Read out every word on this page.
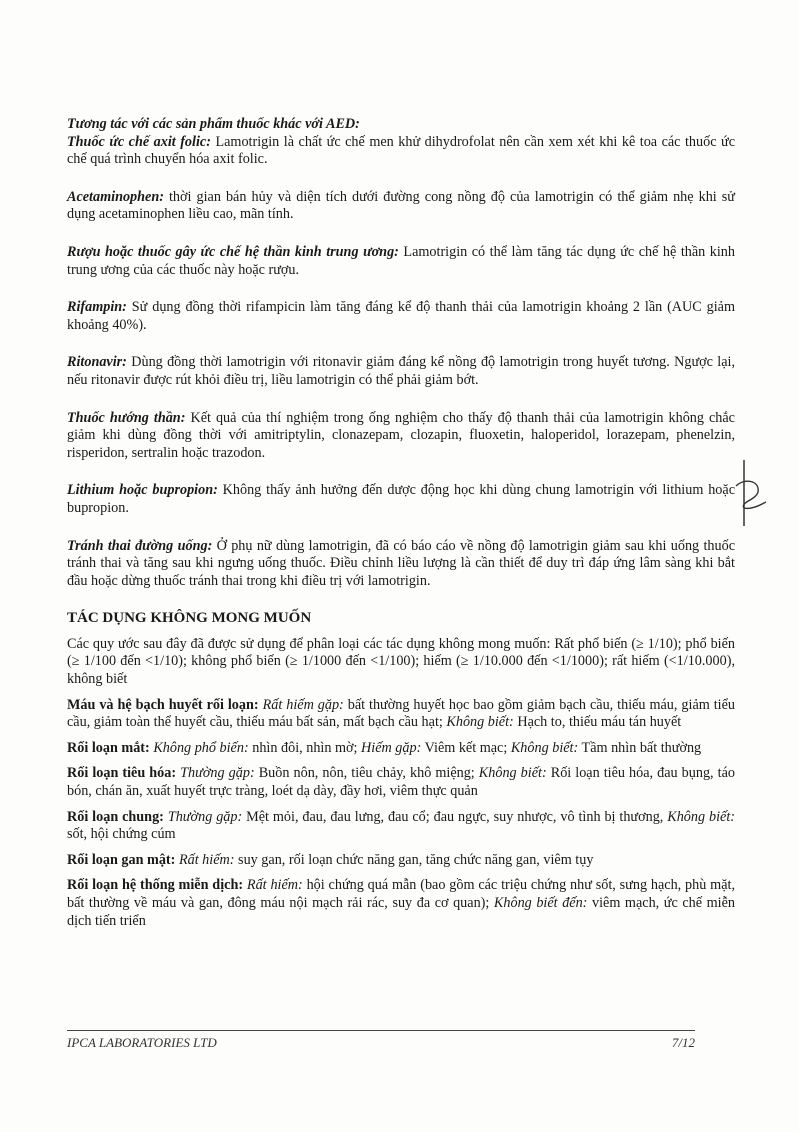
Tương tác với các sản phẩm thuốc khác với AED:
Thuốc ức chế axit folic: Lamotrigin là chất ức chế men khử dihydrofolat nên cần xem xét khi kê toa các thuốc ức chế quá trình chuyển hóa axit folic.

Acetaminophen: thời gian bán hủy và diện tích dưới đường cong nồng độ của lamotrigin có thể giảm nhẹ khi sử dụng acetaminophen liều cao, mãn tính.

Rượu hoặc thuốc gây ức chế hệ thần kinh trung ương: Lamotrigin có thể làm tăng tác dụng ức chế hệ thần kinh trung ương của các thuốc này hoặc rượu.

Rifampin: Sử dụng đồng thời rifampicin làm tăng đáng kể độ thanh thải của lamotrigin khoảng 2 lần (AUC giảm khoảng 40%).

Ritonavir: Dùng đồng thời lamotrigin với ritonavir giảm đáng kể nồng độ lamotrigin trong huyết tương. Ngược lại, nếu ritonavir được rút khỏi điều trị, liều lamotrigin có thể phải giảm bớt.

Thuốc hướng thần: Kết quả của thí nghiệm trong ống nghiệm cho thấy độ thanh thải của lamotrigin không chắc giảm khi dùng đồng thời với amitriptylin, clonazepam, clozapin, fluoxetin, haloperidol, lorazepam, phenelzin, risperidon, sertralin hoặc trazodon.

Lithium hoặc bupropion: Không thấy ảnh hưởng đến dược động học khi dùng chung lamotrigin với lithium hoặc bupropion.

Tránh thai đường uống: Ở phụ nữ dùng lamotrigin, đã có báo cáo về nồng độ lamotrigin giảm sau khi uống thuốc tránh thai và tăng sau khi ngưng uống thuốc. Điều chỉnh liều lượng là cần thiết để duy trì đáp ứng lâm sàng khi bắt đầu hoặc dừng thuốc tránh thai trong khi điều trị với lamotrigin.

TÁC DỤNG KHÔNG MONG MUỐN

Các quy ước sau đây đã được sử dụng để phân loại các tác dụng không mong muốn: Rất phổ biến (≥ 1/10); phổ biến (≥ 1/100 đến <1/10); không phổ biến (≥ 1/1000 đến <1/100); hiếm (≥ 1/10.000 đến <1/1000); rất hiếm (<1/10.000), không biết

Máu và hệ bạch huyết rối loạn: Rất hiếm gặp: bất thường huyết học bao gồm giảm bạch cầu, thiếu máu, giảm tiểu cầu, giảm toàn thể huyết cầu, thiếu máu bất sản, mất bạch cầu hạt; Không biết: Hạch to, thiếu máu tán huyết

Rối loạn mắt: Không phổ biến: nhìn đôi, nhìn mờ; Hiếm gặp: Viêm kết mạc; Không biết: Tầm nhìn bất thường

Rối loạn tiêu hóa: Thường gặp: Buồn nôn, nôn, tiêu chảy, khô miệng; Không biết: Rối loạn tiêu hóa, đau bụng, táo bón, chán ăn, xuất huyết trực tràng, loét dạ dày, đầy hơi, viêm thực quản

Rối loạn chung: Thường gặp: Mệt mỏi, đau, đau lưng, đau cổ; đau ngực, suy nhược, vô tình bị thương, Không biết: sốt, hội chứng cúm

Rối loạn gan mật: Rất hiếm: suy gan, rối loạn chức năng gan, tăng chức năng gan, viêm tụy

Rối loạn hệ thống miễn dịch: Rất hiếm: hội chứng quá mẫn (bao gồm các triệu chứng như sốt, sưng hạch, phù mặt, bất thường về máu và gan, đông máu nội mạch rải rác, suy đa cơ quan); Không biết đến: viêm mạch, ức chế miễn dịch tiến triển

IPCA LABORATORIES LTD	7/12
